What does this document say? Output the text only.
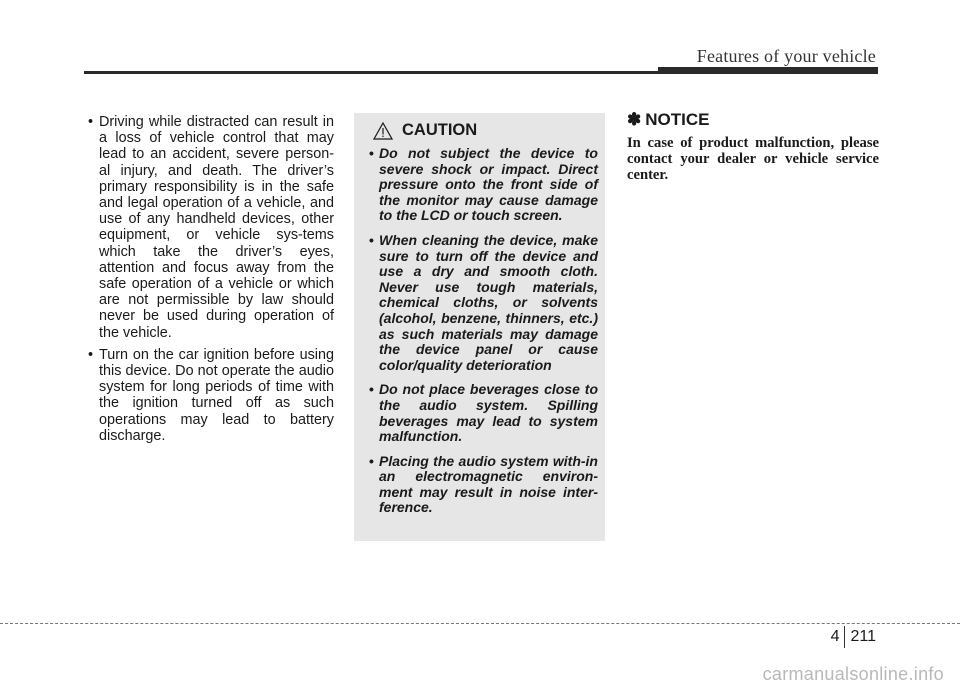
Features of your vehicle
• Driving while distracted can result in a loss of vehicle control that may lead to an accident, severe person-al injury, and death. The driver’s primary responsibility is in the safe and legal operation of a vehicle, and use of any handheld devices, other equipment, or vehicle sys-tems which take the driver’s eyes, attention and focus away from the safe operation of a vehicle or which are not permissible by law should never be used during operation of the vehicle.
• Turn on the car ignition before using this device. Do not operate the audio system for long periods of time with the ignition turned off as such operations may lead to battery discharge.
CAUTION
• Do not subject the device to severe shock or impact. Direct pressure onto the front side of the monitor may cause damage to the LCD or touch screen.
• When cleaning the device, make sure to turn off the device and use a dry and smooth cloth. Never use tough materials, chemical cloths, or solvents (alcohol, benzene, thinners, etc.) as such materials may damage the device panel or cause color/quality deterioration
• Do not place beverages close to the audio system. Spilling beverages may lead to system malfunction.
• Placing the audio system with-in an electromagnetic environ-ment may result in noise inter-ference.
✽ NOTICE
In case of product malfunction, please contact your dealer or vehicle service center.
4 211
carmanualsonline.info
